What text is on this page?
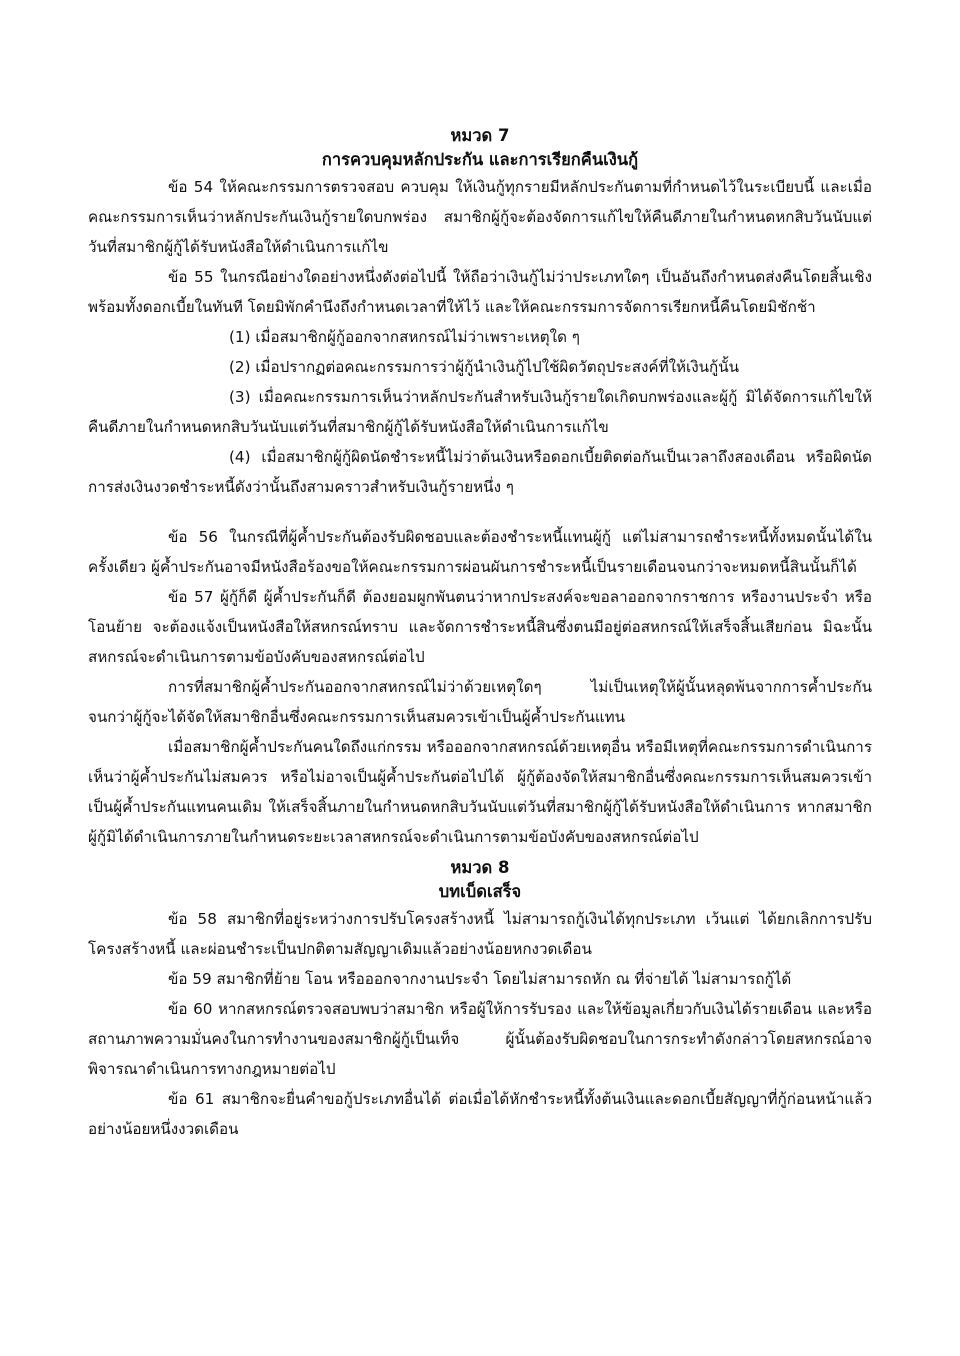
หมวด 7

การควบคุมหลักประกัน และการเรียกคืนเงินกู้

ข้อ 54 ให้คณะกรรมการตรวจสอบ ควบคุม ให้เงินกู้ทุกรายมีหลักประกันตามที่กำหนดไว้ในระเบียบนี้ และเมื่อคณะกรรมการเห็นว่าหลักประกันเงินกู้รายใดบกพร่อง สมาชิกผู้กู้จะต้องจัดการแก้ไขให้คืนดีภายในกำหนดหกสิบวันนับแต่วันที่สมาชิกผู้กู้ได้รับหนังสือให้ดำเนินการแก้ไข

ข้อ 55 ในกรณีอย่างใดอย่างหนึ่งดังต่อไปนี้ ให้ถือว่าเงินกู้ไม่ว่าประเภทใดๆ เป็นอันถึงกำหนดส่งคืนโดยสิ้นเชิงพร้อมทั้งดอกเบี้ยในทันที โดยมิพักคำนึงถึงกำหนดเวลาที่ให้ไว้ และให้คณะกรรมการจัดการเรียกหนี้คืนโดยมิชักช้า

(1) เมื่อสมาชิกผู้กู้ออกจากสหกรณ์ไม่ว่าเพราะเหตุใด ๆ

(2) เมื่อปรากฏต่อคณะกรรมการว่าผู้กู้นำเงินกู้ไปใช้ผิดวัตถุประสงค์ที่ให้เงินกู้นั้น

(3) เมื่อคณะกรรมการเห็นว่าหลักประกันสำหรับเงินกู้รายใดเกิดบกพร่องและผู้กู้ มิได้จัดการแก้ไขให้คืนดีภายในกำหนดหกสิบวันนับแต่วันที่สมาชิกผู้กู้ได้รับหนังสือให้ดำเนินการแก้ไข

(4) เมื่อสมาชิกผู้กู้ผิดนัดชำระหนี้ไม่ว่าต้นเงินหรือดอกเบี้ยติดต่อกันเป็นเวลาถึงสองเดือน หรือผิดนัดการส่งเงินงวดชำระหนี้ดังว่านั้นถึงสามคราวสำหรับเงินกู้รายหนึ่ง ๆ

ข้อ 56 ในกรณีที่ผู้ค้ำประกันต้องรับผิดชอบและต้องชำระหนี้แทนผู้กู้ แต่ไม่สามารถชำระหนี้ทั้งหมดนั้นได้ในครั้งเดียว ผู้ค้ำประกันอาจมีหนังสือร้องขอให้คณะกรรมการผ่อนผันการชำระหนี้เป็นรายเดือนจนกว่าจะหมดหนี้สินนั้นก็ได้

ข้อ 57 ผู้กู้ก็ดี ผู้ค้ำประกันก็ดี ต้องยอมผูกพันตนว่าหากประสงค์จะขอลาออกจากราชการ หรืองานประจำ หรือโอนย้าย จะต้องแจ้งเป็นหนังสือให้สหกรณ์ทราบ และจัดการชำระหนี้สินซึ่งตนมีอยู่ต่อสหกรณ์ให้เสร็จสิ้นเสียก่อน มิฉะนั้นสหกรณ์จะดำเนินการตามข้อบังคับของสหกรณ์ต่อไป

การที่สมาชิกผู้ค้ำประกันออกจากสหกรณ์ไม่ว่าด้วยเหตุใดๆ ไม่เป็นเหตุให้ผู้นั้นหลุดพ้นจากการค้ำประกันจนกว่าผู้กู้จะได้จัดให้สมาชิกอื่นซึ่งคณะกรรมการเห็นสมควรเข้าเป็นผู้ค้ำประกันแทน

เมื่อสมาชิกผู้ค้ำประกันคนใดถึงแก่กรรม หรือออกจากสหกรณ์ด้วยเหตุอื่น หรือมีเหตุที่คณะกรรมการดำเนินการเห็นว่าผู้ค้ำประกันไม่สมควร หรือไม่อาจเป็นผู้ค้ำประกันต่อไปได้ ผู้กู้ต้องจัดให้สมาชิกอื่นซึ่งคณะกรรมการเห็นสมควรเข้าเป็นผู้ค้ำประกันแทนคนเดิม ให้เสร็จสิ้นภายในกำหนดหกสิบวันนับแต่วันที่สมาชิกผู้กู้ได้รับหนังสือให้ดำเนินการ หากสมาชิกผู้กู้มิได้ดำเนินการภายในกำหนดระยะเวลาสหกรณ์จะดำเนินการตามข้อบังคับของสหกรณ์ต่อไป

หมวด 8

บทเบ็ดเสร็จ

ข้อ 58 สมาชิกที่อยู่ระหว่างการปรับโครงสร้างหนี้ ไม่สามารถกู้เงินได้ทุกประเภท เว้นแต่ ได้ยกเลิกการปรับโครงสร้างหนี้ และผ่อนชำระเป็นปกติตามสัญญาเดิมแล้วอย่างน้อยหกงวดเดือน

ข้อ 59 สมาชิกที่ย้าย โอน หรือออกจากงานประจำ โดยไม่สามารถหัก ณ ที่จ่ายได้ ไม่สามารถกู้ได้

ข้อ 60 หากสหกรณ์ตรวจสอบพบว่าสมาชิก หรือผู้ให้การรับรอง และให้ข้อมูลเกี่ยวกับเงินได้รายเดือน และหรือสถานภาพความมั่นคงในการทำงานของสมาชิกผู้กู้เป็นเท็จ ผู้นั้นต้องรับผิดชอบในการกระทำดังกล่าวโดยสหกรณ์อาจพิจารณาดำเนินการทางกฎหมายต่อไป

ข้อ 61 สมาชิกจะยื่นคำขอกู้ประเภทอื่นได้ ต่อเมื่อได้หักชำระหนี้ทั้งต้นเงินและดอกเบี้ยสัญญาที่กู้ก่อนหน้าแล้วอย่างน้อยหนึ่งงวดเดือน
